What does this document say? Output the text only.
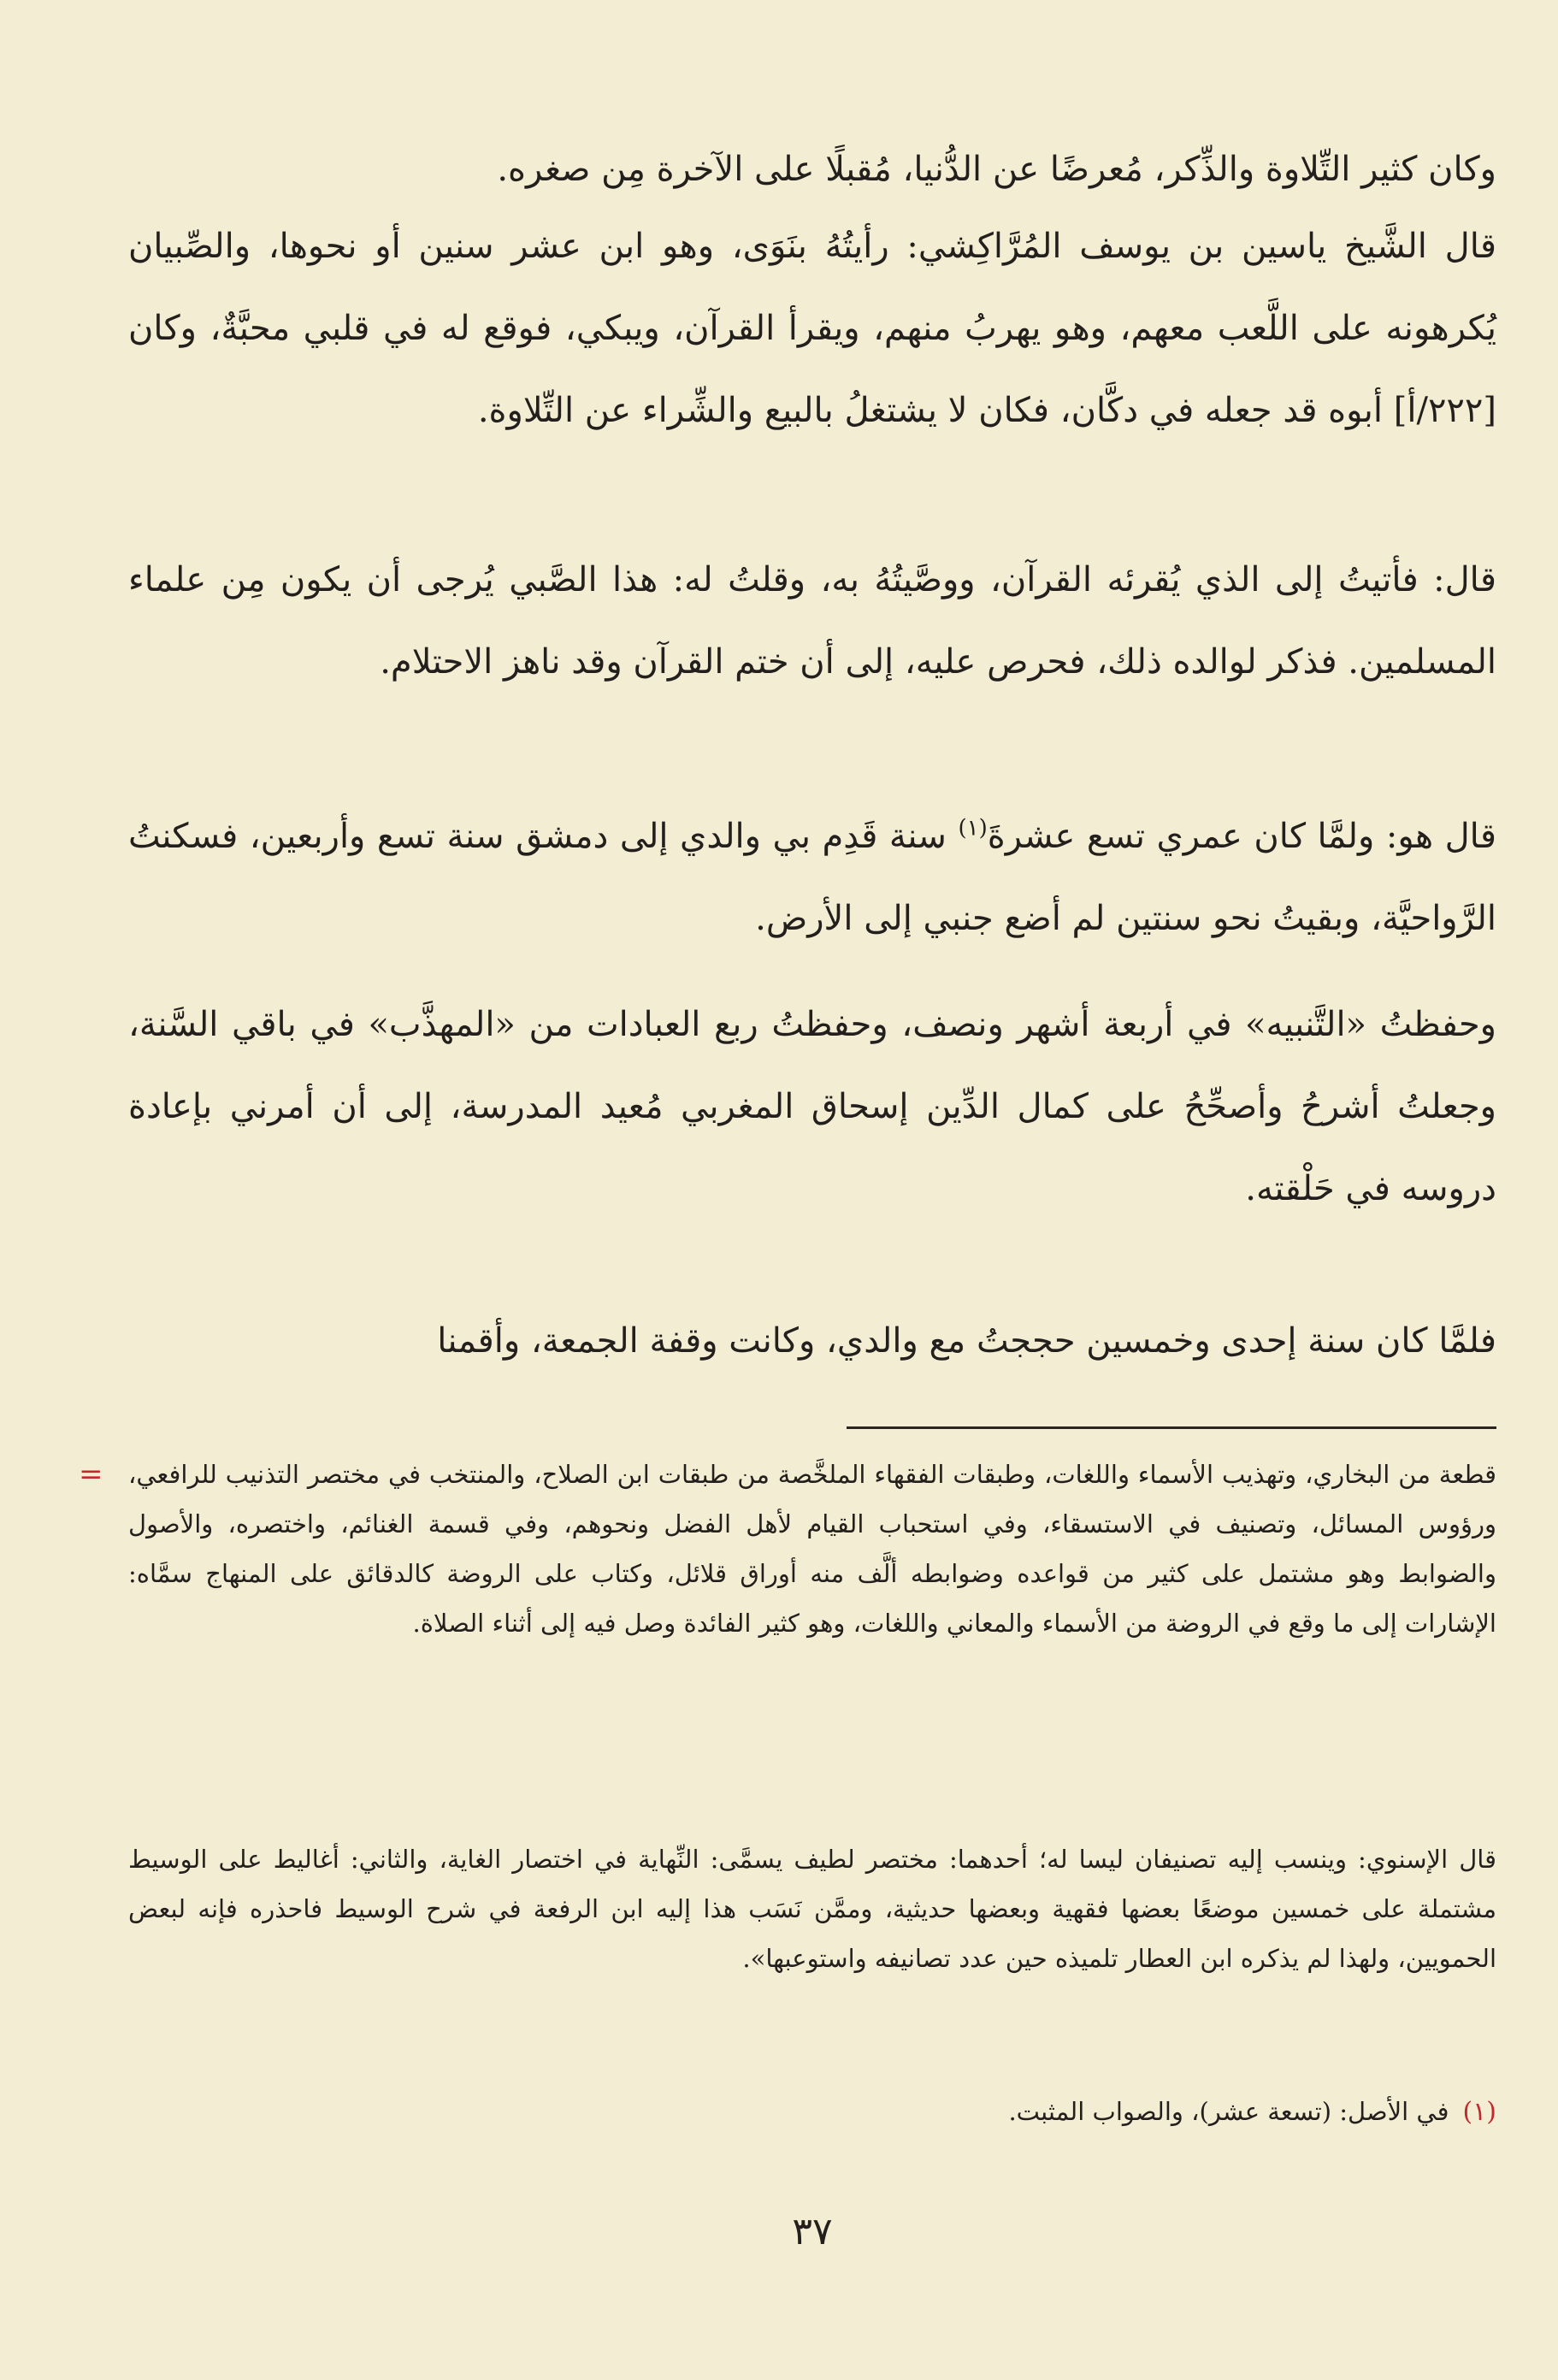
وكان كثير التِّلاوة والذِّكر، مُعرضًا عن الدُّنيا، مُقبلًا على الآخرة مِن صغره.

قال الشَّيخ ياسين بن يوسف المُرَّاكِشي: رأيتُهُ بنَوَى، وهو ابن عشر سنين أو نحوها، والصِّبيان يُكرهونه على اللَّعب معهم، وهو يهربُ منهم، ويقرأ القرآن، ويبكي، فوقع له في قلبي محبَّةٌ، وكان [٢٢٢/أ] أبوه قد جعله في دكَّان، فكان لا يشتغلُ بالبيع والشِّراء عن التِّلاوة.

قال: فأتيتُ إلى الذي يُقرئه القرآن، ووصَّيتُهُ به، وقلتُ له: هذا الصَّبي يُرجى أن يكون مِن علماء المسلمين. فذكر لوالده ذلك، فحرص عليه، إلى أن ختم القرآن وقد ناهز الاحتلام.

قال هو: ولمَّا كان عمري تسع عشرةَ$^{(١)}$ سنة قَدِم بي والدي إلى دمشق سنة تسع وأربعين، فسكنتُ الرَّواحيَّة، وبقيتُ نحو سنتين لم أضع جنبي إلى الأرض.

وحفظتُ «التَّنبيه» في أربعة أشهر ونصف، وحفظتُ ربع العبادات من «المهذَّب» في باقي السَّنة، وجعلتُ أشرحُ وأصحِّحُ على كمال الدِّين إسحاق المغربي مُعيد المدرسة، إلى أن أمرني بإعادة دروسه في حَلْقته.

فلمَّا كان سنة إحدى وخمسين حججتُ مع والدي، وكانت وقفة الجمعة، وأقمنا

= قطعة من البخاري، وتهذيب الأسماء واللغات، وطبقات الفقهاء الملخَّصة من طبقات ابن الصلاح، والمنتخب في مختصر التذنيب للرافعي، ورؤوس المسائل، وتصنيف في الاستسقاء، وفي استحباب القيام لأهل الفضل ونحوهم، وفي قسمة الغنائم، واختصره، والأصول والضوابط وهو مشتمل على كثير من قواعده وضوابطه ألَّف منه أوراق قلائل، وكتاب على الروضة كالدقائق على المنهاج سمَّاه: الإشارات إلى ما وقع في الروضة من الأسماء والمعاني واللغات، وهو كثير الفائدة وصل فيه إلى أثناء الصلاة.

قال الإسنوي: وينسب إليه تصنيفان ليسا له؛ أحدهما: مختصر لطيف يسمَّى: النِّهاية في اختصار الغاية، والثاني: أغاليط على الوسيط مشتملة على خمسين موضعًا بعضها فقهية وبعضها حديثية، وممَّن نَسَب هذا إليه ابن الرفعة في شرح الوسيط فاحذره فإنه لبعض الحمويين، ولهذا لم يذكره ابن العطار تلميذه حين عدد تصانيفه واستوعبها».

(١)في الأصل: (تسعة عشر)، والصواب المثبت.

٣٧
